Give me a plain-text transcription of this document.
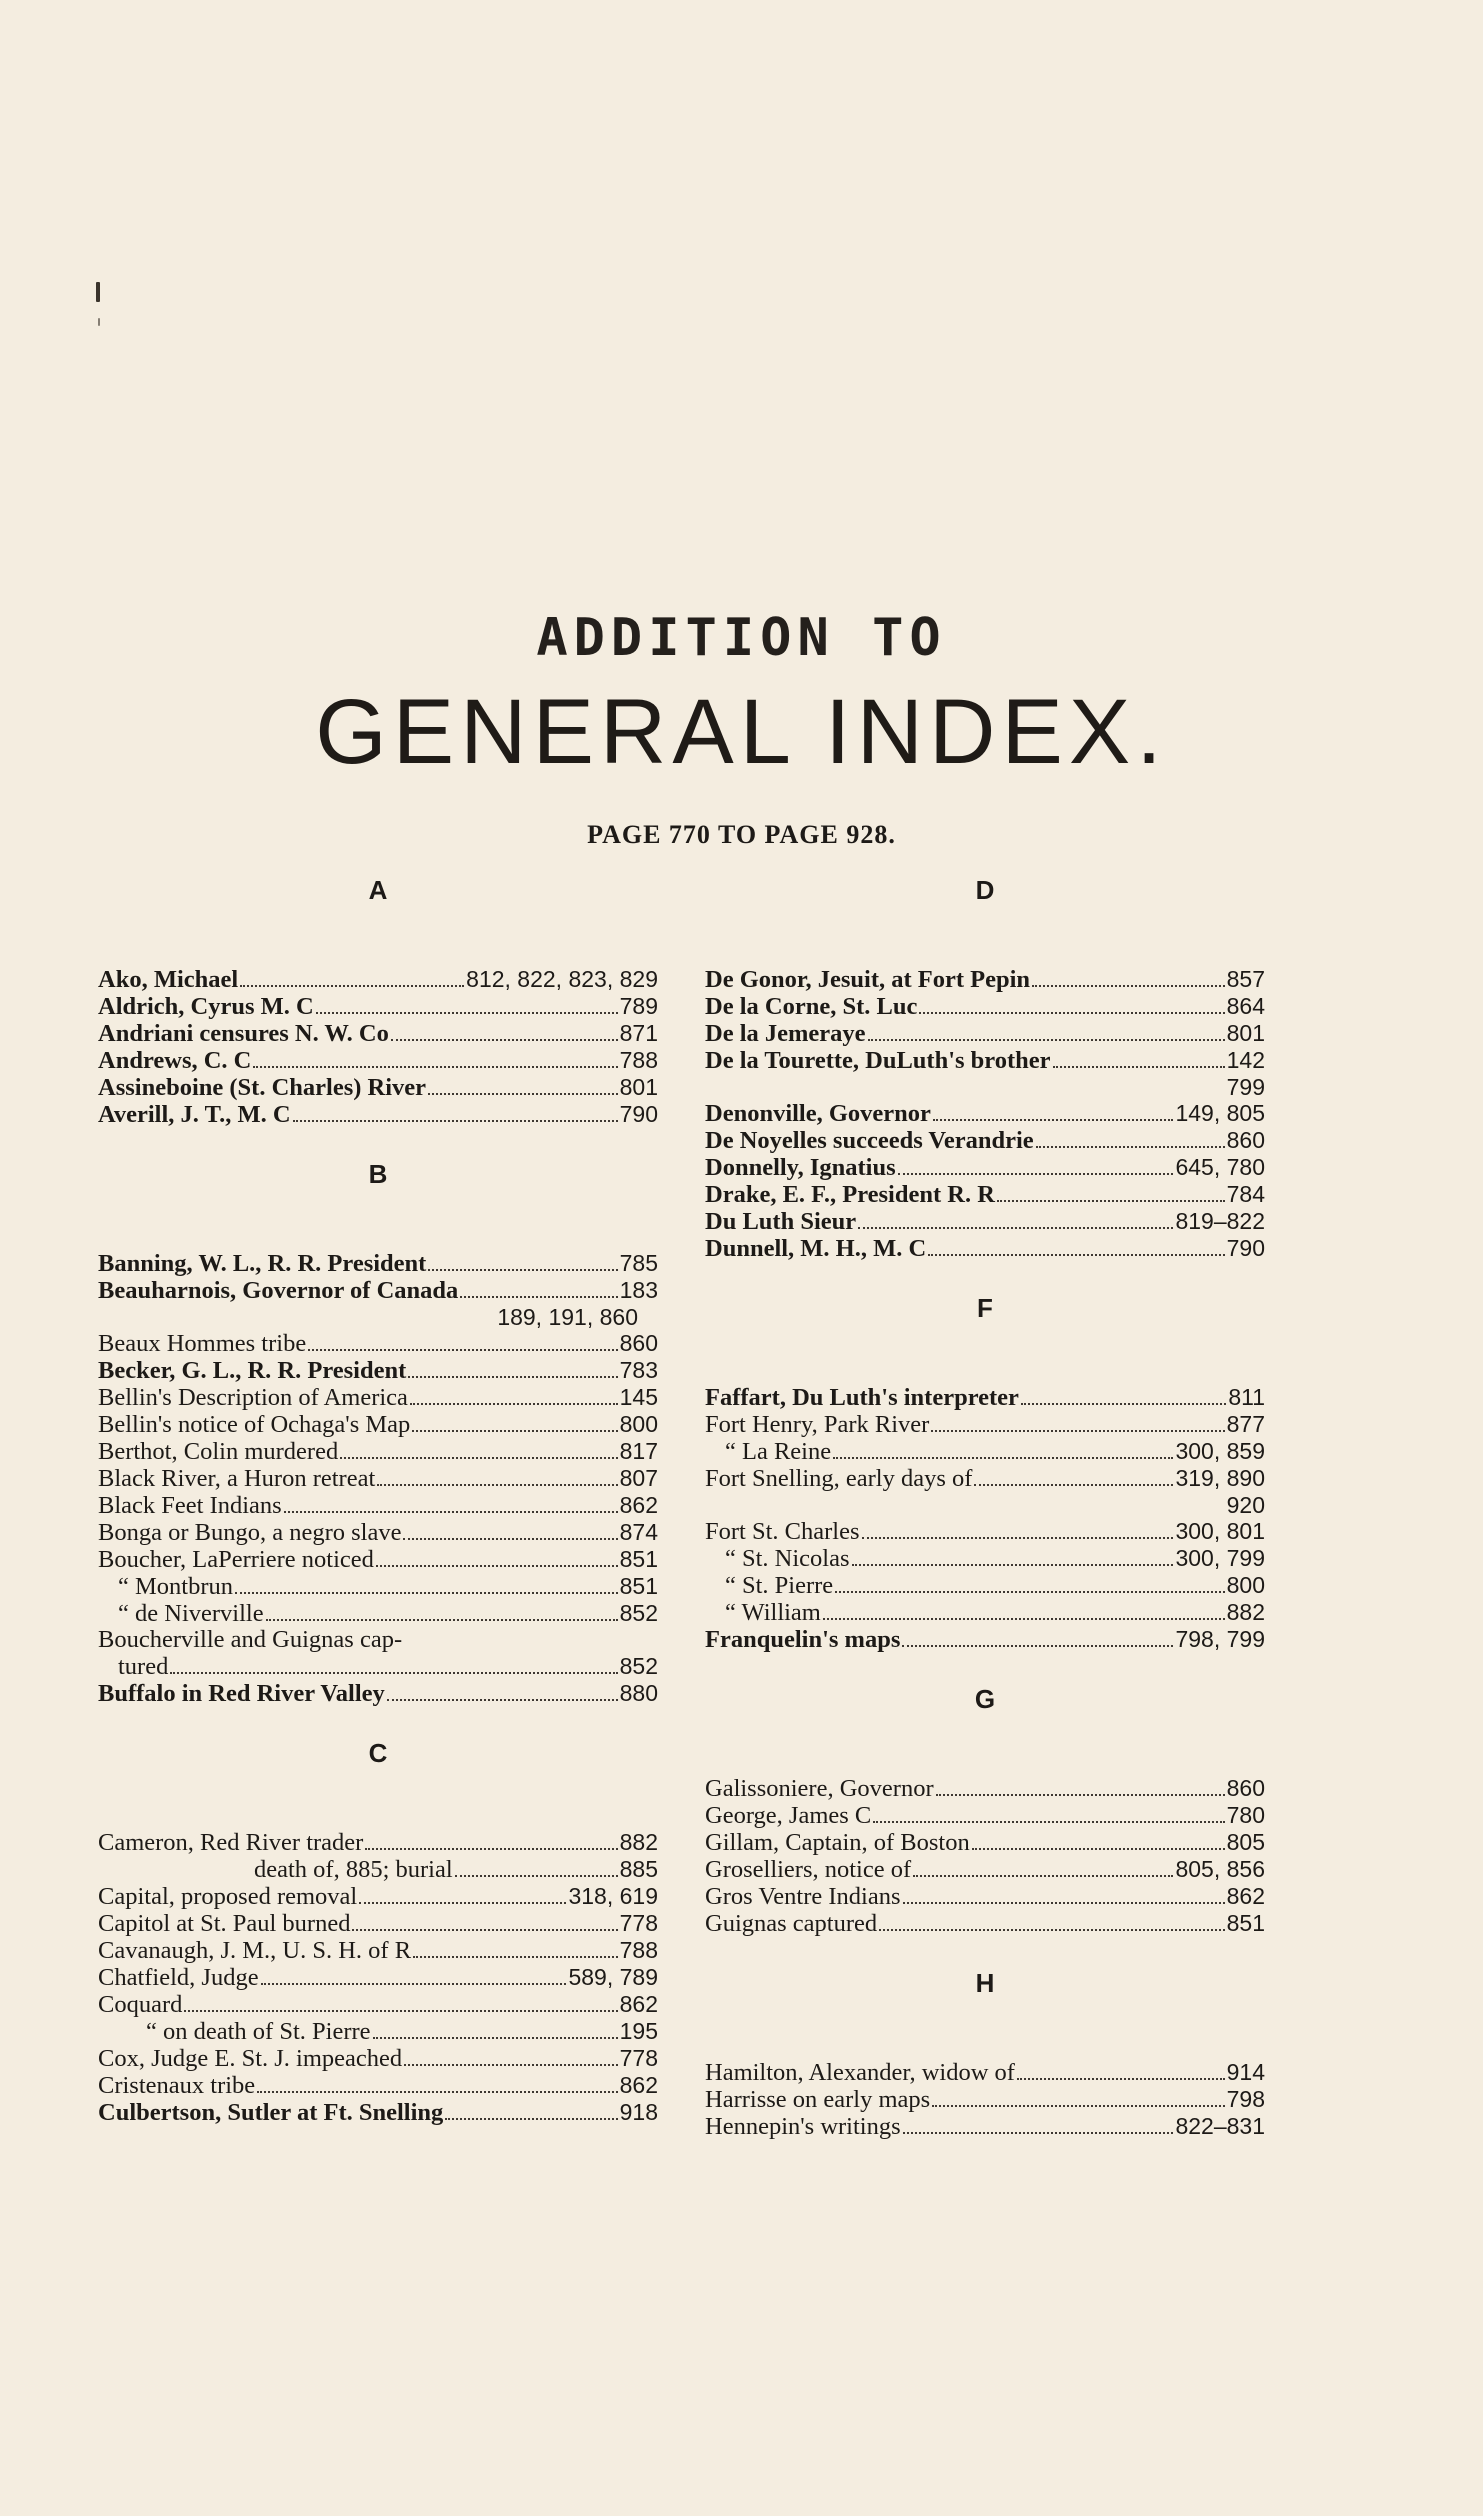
ADDITION TO
GENERAL INDEX.
PAGE 770 TO PAGE 928.
A
Ako, Michael	812, 822, 823, 829
Aldrich, Cyrus M. C	789
Andriani censures N. W. Co	871
Andrews, C. C	788
Assineboine (St. Charles) River	801
Averill, J. T., M. C	790
B
Banning, W. L., R. R. President	785
Beauharnois, Governor of Canada	183
189, 191, 860
Beaux Hommes tribe	860
Becker, G. L., R. R. President	783
Bellin's Description of America	145
Bellin's notice of Ochaga's Map	800
Berthot, Colin murdered	817
Black River, a Huron retreat	807
Black Feet Indians	862
Bonga or Bungo, a negro slave	874
Boucher, LaPerriere noticed	851
“ Montbrun	851
“ de Niverville	852
Boucherville and Guignas cap-
tured	852
Buffalo in Red River Valley	880
C
Cameron, Red River trader	882
death of, 885; burial	885
Capital, proposed removal	318, 619
Capitol at St. Paul burned	778
Cavanaugh, J. M., U. S. H. of R	788
Chatfield, Judge	589, 789
Coquard	862
“ on death of St. Pierre	195
Cox, Judge E. St. J. impeached	778
Cristenaux tribe	862
Culbertson, Sutler at Ft. Snelling	918
D
De Gonor, Jesuit, at Fort Pepin	857
De la Corne, St. Luc	864
De la Jemeraye	801
De la Tourette, DuLuth's brother	142
799
Denonville, Governor	149, 805
De Noyelles succeeds Verandrie	860
Donnelly, Ignatius	645, 780
Drake, E. F., President R. R	784
Du Luth Sieur	819–822
Dunnell, M. H., M. C	790
F
Faffart, Du Luth's interpreter	811
Fort Henry, Park River	877
“ La Reine	300, 859
Fort Snelling, early days of	319, 890
920
Fort St. Charles	300, 801
“ St. Nicolas	300, 799
“ St. Pierre	800
“ William	882
Franquelin's maps	798, 799
G
Galissoniere, Governor	860
George, James C	780
Gillam, Captain, of Boston	805
Groselliers, notice of	805, 856
Gros Ventre Indians	862
Guignas captured	851
H
Hamilton, Alexander, widow of	914
Harrisse on early maps	798
Hennepin's writings	822–831
